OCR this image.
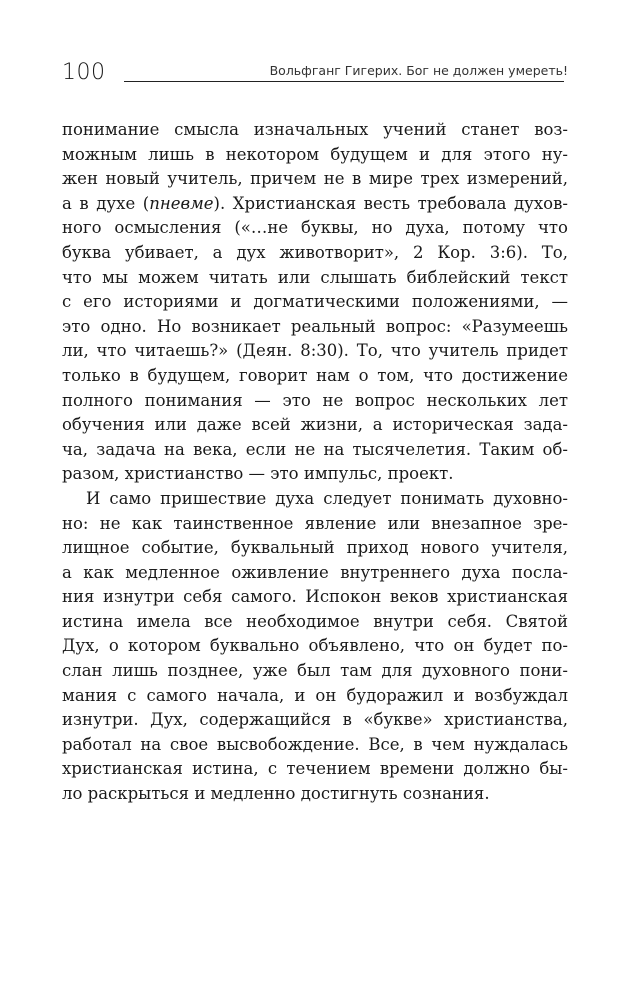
100	Вольфганг Гигерих. Бог не должен умереть!
понимание смысла изначальных учений станет воз-
можным лишь в некотором будущем и для этого ну-
жен новый учитель, причем не в мире трех измерений,
а в духе (пневме). Христианская весть требовала духов-
ного осмысления («…не буквы, но духа, потому что
буква убивает, а дух животворит», 2 Кор. 3:6). То,
что мы можем читать или слышать библейский текст
с его историями и догматическими положениями, —
это одно. Но возникает реальный вопрос: «Разумеешь
ли, что читаешь?» (Деян. 8:30). То, что учитель придет
только в будущем, говорит нам о том, что достижение
полного понимания — это не вопрос нескольких лет
обучения или даже всей жизни, а историческая зада-
ча, задача на века, если не на тысячелетия. Таким об-
разом, христианство — это импульс, проект.
И само пришествие духа следует понимать духовно-
но: не как таинственное явление или внезапное зре-
лищное событие, буквальный приход нового учителя,
а как медленное оживление внутреннего духа посла-
ния изнутри себя самого. Испокон веков христианская
истина имела все необходимое внутри себя. Святой
Дух, о котором буквально объявлено, что он будет по-
слан лишь позднее, уже был там для духовного пони-
мания с самого начала, и он будоражил и возбуждал
изнутри. Дух, содержащийся в «букве» христианства,
работал на свое высвобождение. Все, в чем нуждалась
христианская истина, с течением времени должно бы-
ло раскрыться и медленно достигнуть сознания.
